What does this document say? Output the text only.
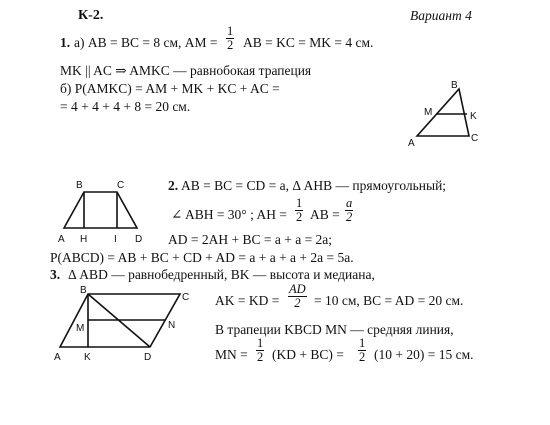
К-2.	Вариант 4
1. а) AB = BC = 8 см, AM = $\frac{1}{2}$ AB = KC = MK = 4 см.
MK || AC ⇒ AMKC — равнобокая трапеция
б) P(AMKC) = AM + MK + KC + AC =
= 4 + 4 + 4 + 8 = 20 см.
2. AB = BC = CD = a, Δ AHB — прямоугольный;
∠ ABH = 30° ; AH = $\frac{1}{2}$ AB = $\frac{a}{2}$
AD = 2AH + BC = a + a = 2a;
P(ABCD) = AB + BC + CD + AD = a + a + a + 2a = 5a.
3. Δ ABD — равнобедренный, BK — высота и медиана,
AK = KD = $\frac{AD}{2} = 10$ см, BC = AD = 20 см.
В трапеции KBCD MN — средняя линия,
MN = $\frac{1}{2} (KD + BC) = \frac{1}{2} (10 + 20) = 15$ см.
B
M	K
A	C
B	C
A H	I D
B
C
M	N
A K	D
